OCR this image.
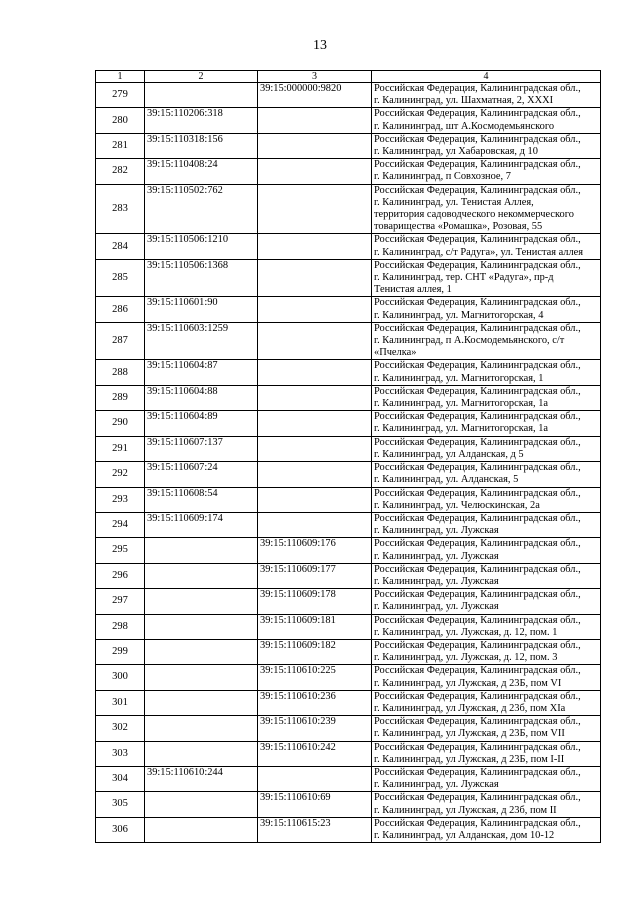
13
1	2	3	4
279		39:15:000000:9820	Российская Федерация, Калининградская обл.,
г. Калининград, ул. Шахматная, 2, XXXI

280	39:15:110206:318		Российская Федерация, Калининградская обл.,
г. Калининград, шт А.Космодемьянского

281	39:15:110318:156		Российская Федерация, Калининградская обл.,
г. Калининград, ул Хабаровская, д 10

282	39:15:110408:24		Российская Федерация, Калининградская обл.,
г. Калининград, п Совхозное, 7

283	39:15:110502:762		Российская Федерация, Калининградская обл.,
г. Калининград, ул. Тенистая Аллея,
территория садоводческого некоммерческого
товарищества «Ромашка», Розовая, 55

284	39:15:110506:1210		Российская Федерация, Калининградская обл.,
г. Калининград, с/т Радуга», ул. Тенистая аллея

285	39:15:110506:1368		Российская Федерация, Калининградская обл.,
г. Калининград, тер. СНТ «Радуга», пр-д
Тенистая аллея, 1

286	39:15:110601:90		Российская Федерация, Калининградская обл.,
г. Калининград, ул. Магнитогорская, 4

287	39:15:110603:1259		Российская Федерация, Калининградская обл.,
г. Калининград, п А.Космодемьянского, с/т
«Пчелка»

288	39:15:110604:87		Российская Федерация, Калининградская обл.,
г. Калининград, ул. Магнитогорская, 1

289	39:15:110604:88		Российская Федерация, Калининградская обл.,
г. Калининград, ул. Магнитогорская, 1а

290	39:15:110604:89		Российская Федерация, Калининградская обл.,
г. Калининград, ул. Магнитогорская, 1а

291	39:15:110607:137		Российская Федерация, Калининградская обл.,
г. Калининград, ул Алданская, д 5

292	39:15:110607:24		Российская Федерация, Калининградская обл.,
г. Калининград, ул. Алданская, 5

293	39:15:110608:54		Российская Федерация, Калининградская обл.,
г. Калининград, ул. Челюскинская, 2а

294	39:15:110609:174		Российская Федерация, Калининградская обл.,
г. Калининград, ул. Лужская

295		39:15:110609:176	Российская Федерация, Калининградская обл.,
г. Калининград, ул. Лужская

296		39:15:110609:177	Российская Федерация, Калининградская обл.,
г. Калининград, ул. Лужская

297		39:15:110609:178	Российская Федерация, Калининградская обл.,
г. Калининград, ул. Лужская

298		39:15:110609:181	Российская Федерация, Калининградская обл.,
г. Калининград, ул. Лужская, д. 12, пом. 1

299		39:15:110609:182	Российская Федерация, Калининградская обл.,
г. Калининград, ул. Лужская, д. 12, пом. 3

300		39:15:110610:225	Российская Федерация, Калининградская обл.,
г. Калининград, ул Лужская, д 23Б, пом VI

301		39:15:110610:236	Российская Федерация, Калининградская обл.,
г. Калининград, ул Лужская, д 23б, пом XIa

302		39:15:110610:239	Российская Федерация, Калининградская обл.,
г. Калининград, ул Лужская, д 23Б, пом VII

303		39:15:110610:242	Российская Федерация, Калининградская обл.,
г. Калининград, ул Лужская, д 23Б, пом I-II

304	39:15:110610:244		Российская Федерация, Калининградская обл.,
г. Калининград, ул. Лужская

305		39:15:110610:69	Российская Федерация, Калининградская обл.,
г. Калининград, ул Лужская, д 23б, пом II

306		39:15:110615:23	Российская Федерация, Калининградская обл.,
г. Калининград, ул Алданская, дом 10-12
